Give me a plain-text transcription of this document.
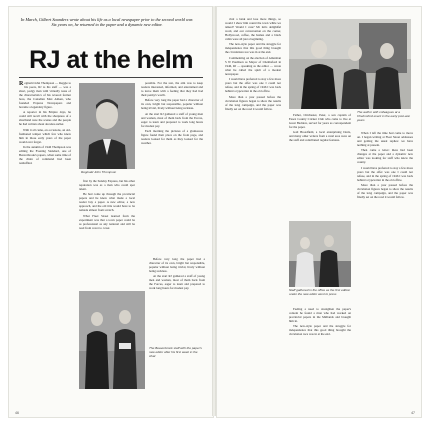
In March, Gilbert Saunders wrote about his life as a local newspaper prior to the second world war. Six years on, he returned to the paper and a dynamic new editor.
RJ at the helm

Reginald John Thompson — Reggie to his peers, RJ to his staff — was a short, podgy man with virtually none of the characteristics of his revered former boss, the Canadian Max Aitken, who founded Express Newspapers and became a legendary figure.

A reporter in his Empire days, he could still recall with the sharpness of a shorthand note the scenes and the people he had written about decades earlier.

With it all came, on occasions, an old-fashioned temper which few who knew him in those early years of the paper would ever forget.

In the autumn of 1946 Thompson was editing the Evening Standard, one of Beaverbrook's papers, when some time of the chain of command had been reshuffled.

Reginald John Thompson

possible. For the rest, the aim was to keep readers interested, informed, and entertained and to leave them with a feeling that they had had their penny's worth.

Before very long the paper had a character of its own, bright but responsible, popular without being trivial, lively without being reckless.

At the start RJ gathered a staff of young men and women, most of them back from the Forces, eager to learn and prepared to work long hours for modest pay.

Each morning the pictures of a glamorous figure found their place on the front page, and readers looked for them as they looked for the weather.

first by the Sunday Express, but his other reputation was as a man who could spot talent.

He had come up through the provincial papers and he knew what made a local reader buy a paper. A new editor, a new approach, and the old title would have to be remade almost from scratch.

What Fleet Street learned from the experiment was that a town paper could be as professional as any national and still be read from cover to cover.

The Beaverbrook staff with the paper's new editor after his first week in the chair

Before very long the paper had a character of its own, bright but responsible, popular without being trivial, lively without being reckless.

At the start RJ gathered a staff of young men and women, most of them back from the Forces, eager to learn and prepared to work long hours for modest pay.

46

visit a bank and lose more things, so would I show him round the town while we talked? Would I care? Mr Ian's delightful word, and our conversation on the corner, Hollywood, coffee, the homes and a black cabin were all just a beginning.

The new-style paper and the struggle for independence that this good thing brought the circulation race was in at the end.

Commenting on the election of Alderman S W Pauldson as Mayor of Chelmsford in 1946, RJ — speaking as the editor — wrote what he called the spirit of a modest newspaper.

I would have preferred to stay a few more years but the offer was one I could not refuse, and in the spring of 1946 I was back behind a typewriter in the old office.

More than a year passed before the circulation figures began to show the results of the long campaign, and the paper was finally set on the road it would follow.

The author with colleagues at a Chelmsford event in the early post-war years

Father, Chichester, Peter, a son captain of Essex County Cricket Club who came to live at Great Baddow, served for years as correspondent for the paper.

Gail Broadfield, a local enterprising Doris, and many other writers from a rural area were on the staff and contributed regular features.

When I left the time had come to move on. I began writing at Fleet Street addresses and getting the usual replies: we have nothing at present.

Then came a letter: there had been changes at the paper and a dynamic new editor was looking for staff who knew the county.

I would have preferred to stay a few more years but the offer was one I could not refuse, and in the spring of 1946 I was back behind a typewriter in the old office.

More than a year passed before the circulation figures began to show the results of the long campaign, and the paper was finally set on the road it would follow.

Staff gathered in the office as the first edition under the new editor went to press

Feeling a need to strengthen the paper's content he found a man who had worked on provincial papers in the Midlands and brought him in.

The new-style paper and the struggle for independence that this good thing brought the circulation race was in at the end.

47
